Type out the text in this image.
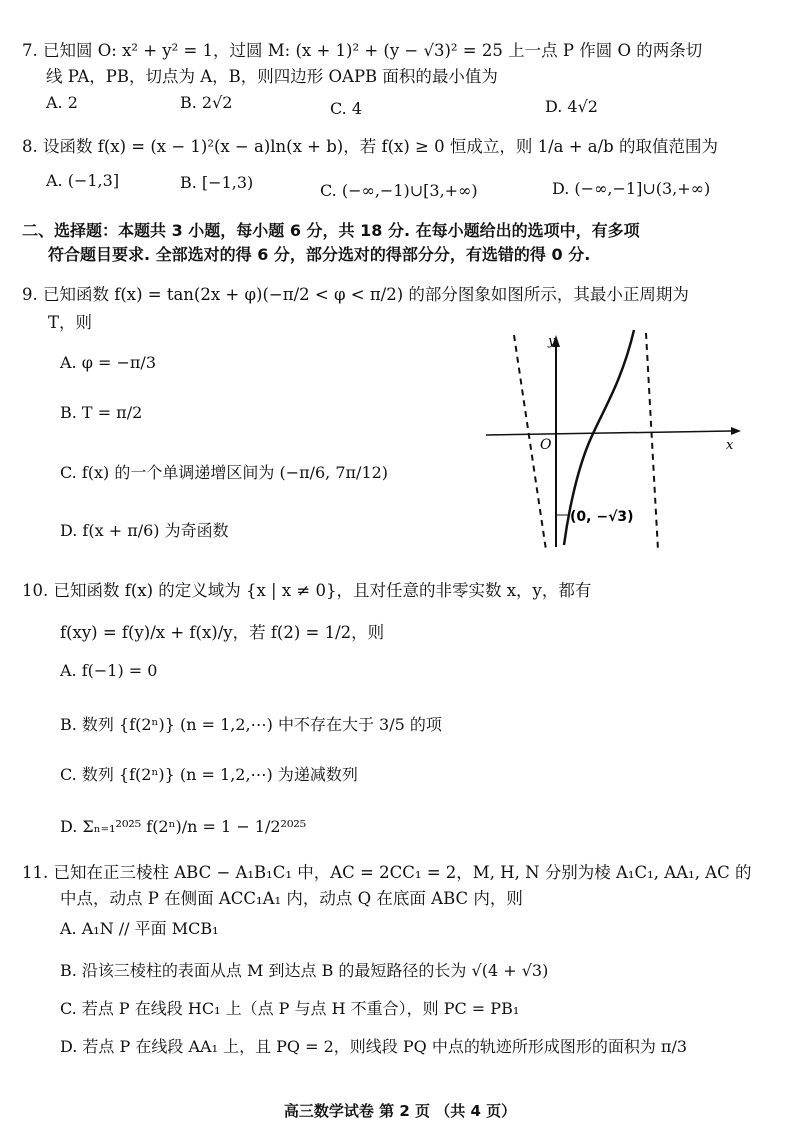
7. 已知圆 O: x² + y² = 1，过圆 M: (x + 1)² + (y − √3)² = 25 上一点 P 作圆 O 的两条切
线 PA，PB，切点为 A，B，则四边形 OAPB 面积的最小值为
A. 2	B. 2√2	C. 4	D. 4√2
8. 设函数 f(x) = (x − 1)²(x − a)ln(x + b)，若 f(x) ≥ 0 恒成立，则 1/a + a/b 的取值范围为
A. (−1,3]	B. [−1,3)	C. (−∞,−1)∪[3,+∞)	D. (−∞,−1]∪(3,+∞)
二、选择题：本题共 3 小题，每小题 6 分，共 18 分. 在每小题给出的选项中，有多项
符合题目要求. 全部选对的得 6 分，部分选对的得部分分，有选错的得 0 分.
9. 已知函数 f(x) = tan(2x + φ)(−π/2 < φ < π/2) 的部分图象如图所示，其最小正周期为
T，则
A. φ = −π/3
B. T = π/2
C. f(x) 的一个单调递增区间为 (−π/6, 7π/12)
D. f(x + π/6) 为奇函数
y
x
O
(0, −√3)
10. 已知函数 f(x) 的定义域为 {x | x ≠ 0}，且对任意的非零实数 x，y，都有
f(xy) = f(y)/x + f(x)/y，若 f(2) = 1/2，则
A. f(−1) = 0
B. 数列 {f(2ⁿ)} (n = 1,2,⋯) 中不存在大于 3/5 的项
C. 数列 {f(2ⁿ)} (n = 1,2,⋯) 为递减数列
D. Σₙ₌₁²⁰²⁵ f(2ⁿ)/n = 1 − 1/2²⁰²⁵
11. 已知在正三棱柱 ABC − A₁B₁C₁ 中，AC = 2CC₁ = 2，M, H, N 分别为棱 A₁C₁, AA₁, AC 的
中点，动点 P 在侧面 ACC₁A₁ 内，动点 Q 在底面 ABC 内，则
A. A₁N // 平面 MCB₁
B. 沿该三棱柱的表面从点 M 到达点 B 的最短路径的长为 √(4 + √3)
C. 若点 P 在线段 HC₁ 上（点 P 与点 H 不重合），则 PC = PB₁
D. 若点 P 在线段 AA₁ 上，且 PQ = 2，则线段 PQ 中点的轨迹所形成图形的面积为 π/3
高三数学试卷 第 2 页 （共 4 页）
